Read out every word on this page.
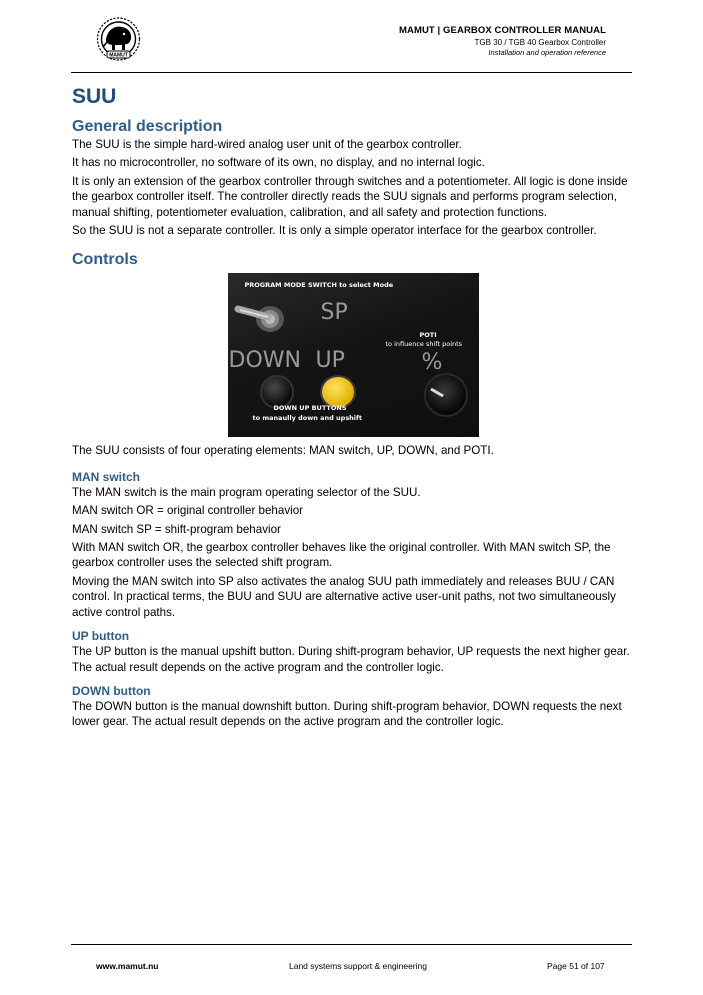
MAMUT
MAMUT | GEARBOX CONTROLLER MANUAL
TGB 30 / TGB 40 Gearbox Controller
Installation and operation reference
SUU
General description

The SUU is the simple hard-wired analog user unit of the gearbox controller.

It has no microcontroller, no software of its own, no display, and no internal logic.

It is only an extension of the gearbox controller through switches and a potentiometer. All logic is done inside the gearbox controller itself. The controller directly reads the SUU signals and performs program selection, manual shifting, potentiometer evaluation, calibration, and all safety and protection functions.

So the SUU is not a separate controller. It is only a simple operator interface for the gearbox controller.

Controls
PROGRAM MODE SWITCH to select Mode
SP
POTI
to influence shift points
DOWN UP	%
DOWN UP BUTTONS
to manaully down and upshift

The SUU consists of four operating elements: MAN switch, UP, DOWN, and POTI.

MAN switch

The MAN switch is the main program operating selector of the SUU.

MAN switch OR = original controller behavior

MAN switch SP = shift-program behavior

With MAN switch OR, the gearbox controller behaves like the original controller. With MAN switch SP, the gearbox controller uses the selected shift program.

Moving the MAN switch into SP also activates the analog SUU path immediately and releases BUU / CAN control. In practical terms, the BUU and SUU are alternative active user-unit paths, not two simultaneously active control paths.

UP button

The UP button is the manual upshift button. During shift-program behavior, UP requests the next higher gear. The actual result depends on the active program and the controller logic.

DOWN button

The DOWN button is the manual downshift button. During shift-program behavior, DOWN requests the next lower gear. The actual result depends on the active program and the controller logic.

www.mamut.nu	Land systems support & engineering	Page 51 of 107
